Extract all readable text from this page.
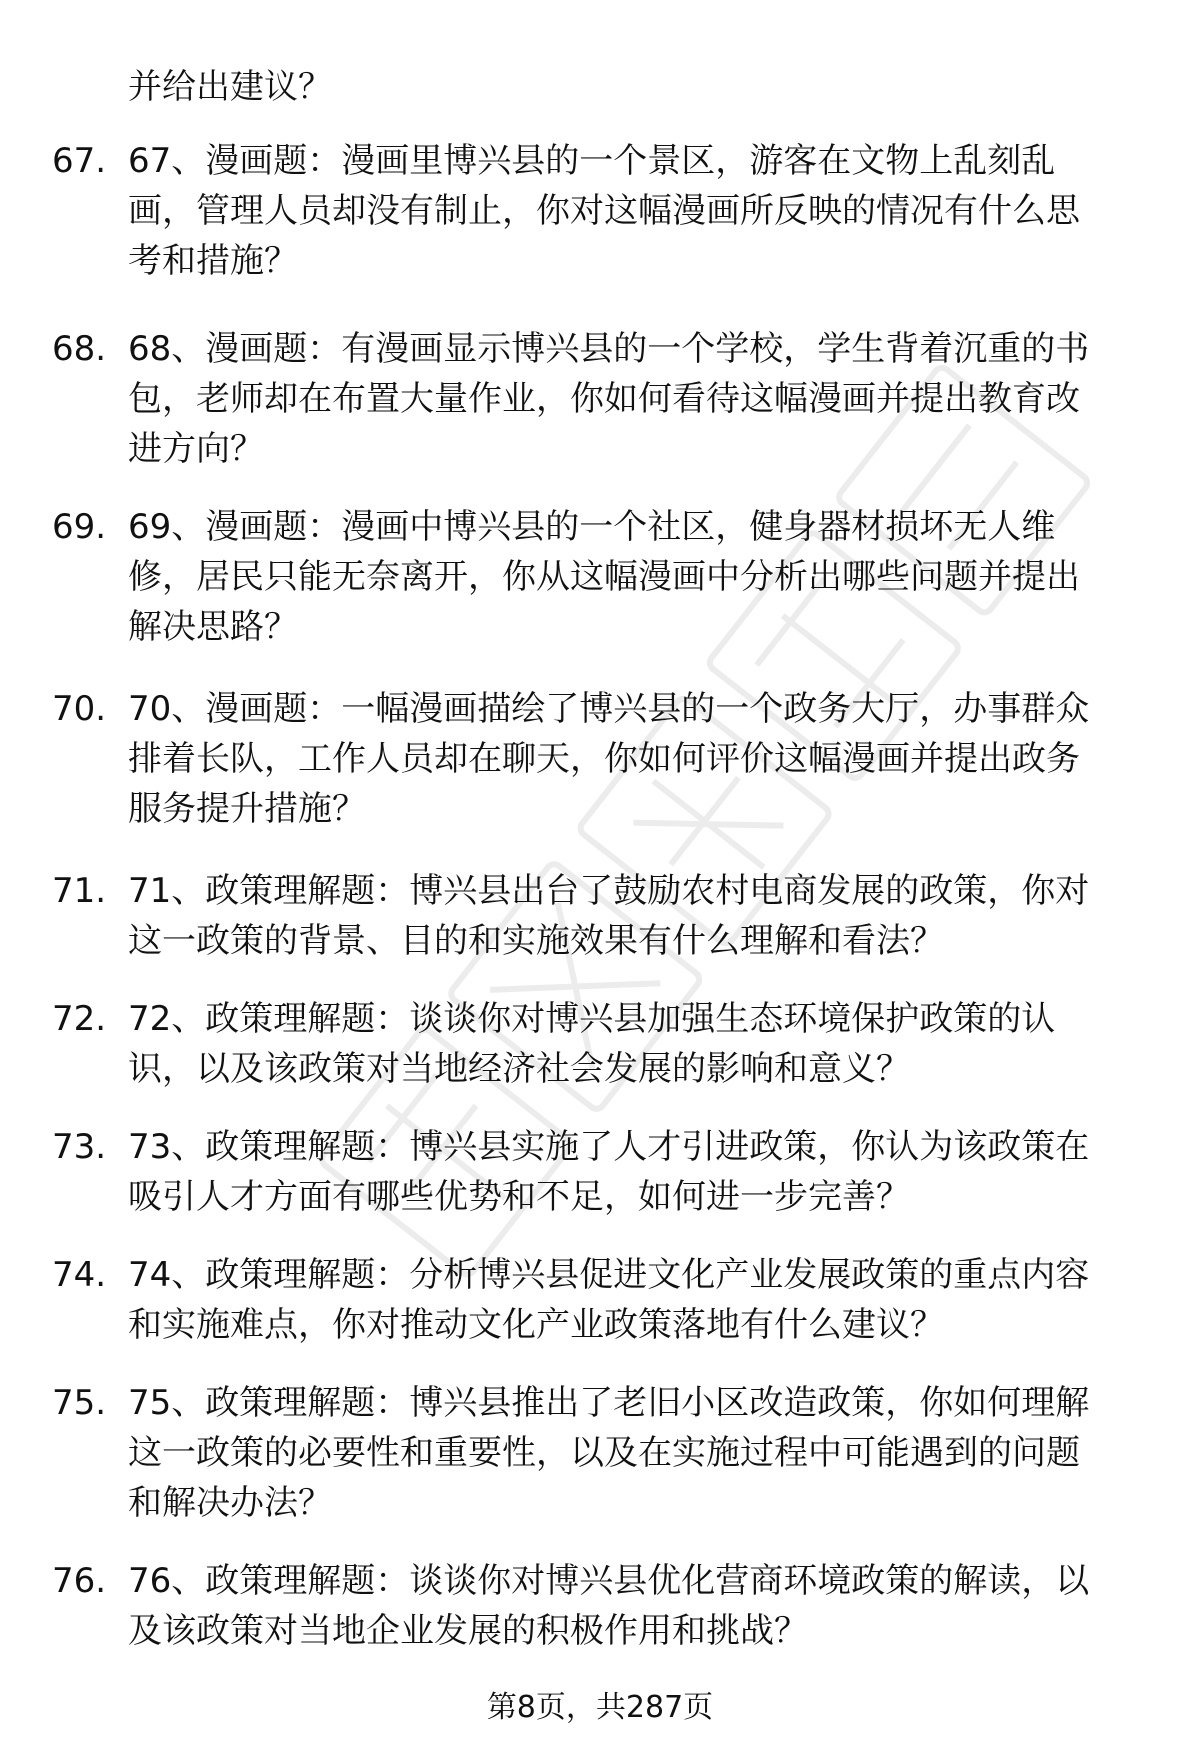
并给出建议？
67. 67、漫画题：漫画里博兴县的一个景区，游客在文物上乱刻乱
画，管理人员却没有制止，你对这幅漫画所反映的情况有什么思
考和措施？
68. 68、漫画题：有漫画显示博兴县的一个学校，学生背着沉重的书
包，老师却在布置大量作业，你如何看待这幅漫画并提出教育改
进方向？
69. 69、漫画题：漫画中博兴县的一个社区，健身器材损坏无人维
修，居民只能无奈离开，你从这幅漫画中分析出哪些问题并提出
解决思路？
70. 70、漫画题：一幅漫画描绘了博兴县的一个政务大厅，办事群众
排着长队，工作人员却在聊天，你如何评价这幅漫画并提出政务
服务提升措施？
71. 71、政策理解题：博兴县出台了鼓励农村电商发展的政策，你对
这一政策的背景、目的和实施效果有什么理解和看法？
72. 72、政策理解题：谈谈你对博兴县加强生态环境保护政策的认
识，以及该政策对当地经济社会发展的影响和意义？
73. 73、政策理解题：博兴县实施了人才引进政策，你认为该政策在
吸引人才方面有哪些优势和不足，如何进一步完善？
74. 74、政策理解题：分析博兴县促进文化产业发展政策的重点内容
和实施难点，你对推动文化产业政策落地有什么建议？
75. 75、政策理解题：博兴县推出了老旧小区改造政策，你如何理解
这一政策的必要性和重要性，以及在实施过程中可能遇到的问题
和解决办法？
76. 76、政策理解题：谈谈你对博兴县优化营商环境政策的解读，以
及该政策对当地企业发展的积极作用和挑战？
第8页，共287页
